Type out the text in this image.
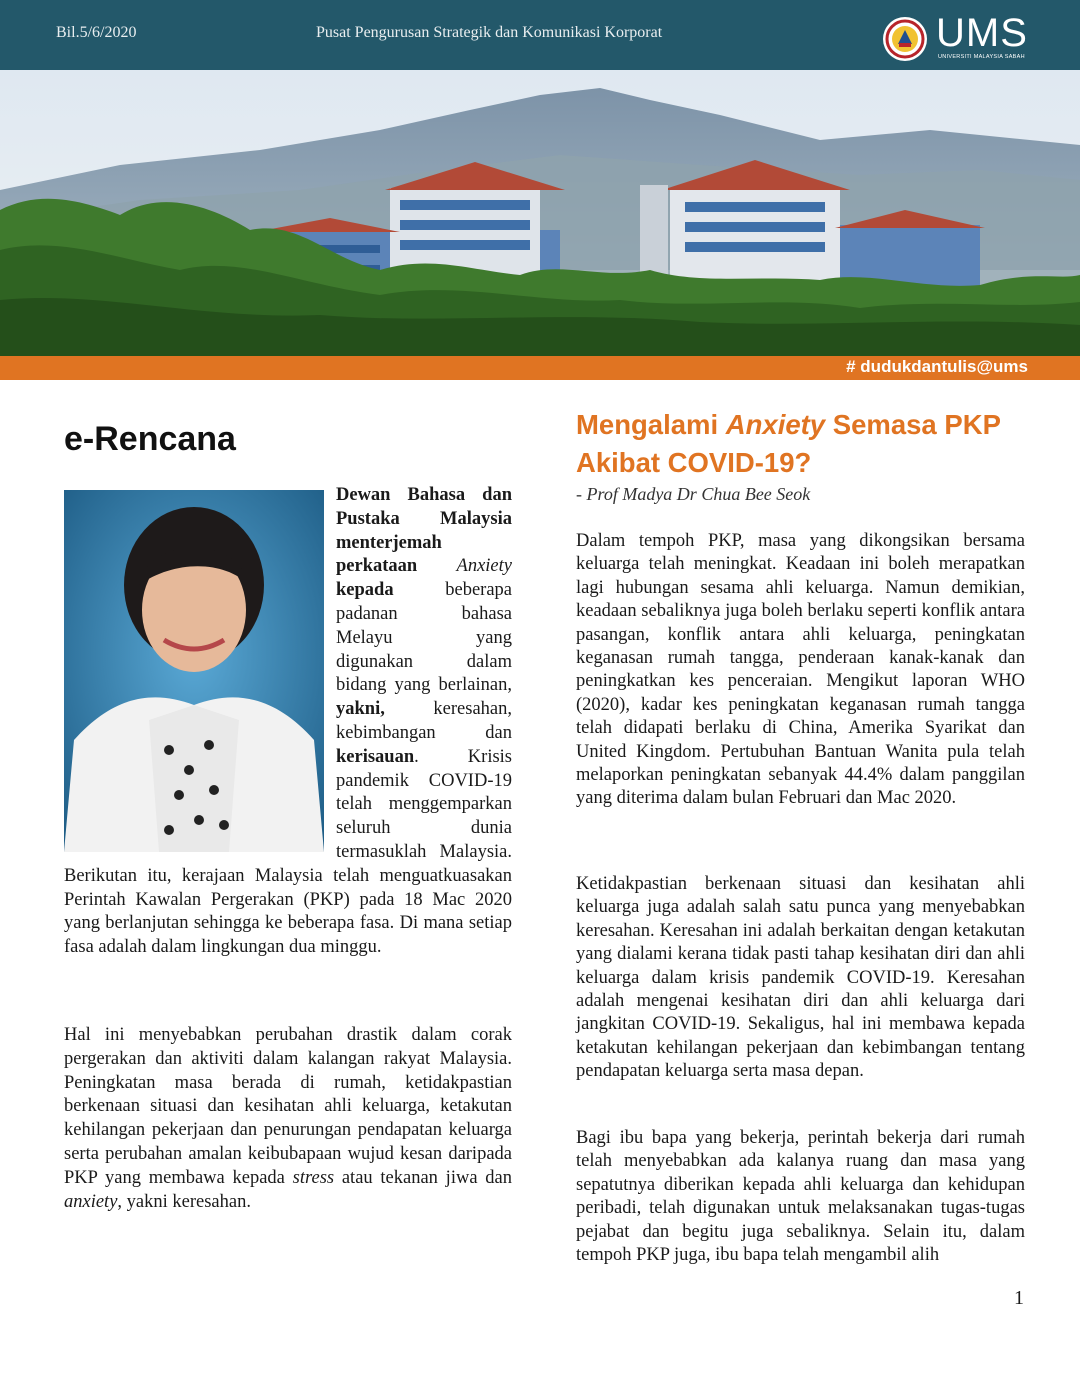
Bil.5/6/2020	Pusat Pengurusan Strategik dan Komunikasi Korporat	UMS
UNIVERSITI MALAYSIA SABAH
# dudukdantulis@ums
e-Rencana

Dewan Bahasa dan Pustaka Malaysia menterjemah perkataan Anxiety kepada	beberapa padanan bahasa Melayu yang digunakan dalam bidang yang berlainan, yakni,	keresahan, kebimbangan dan kerisauan. Krisis pandemik COVID-19 telah menggemparkan seluruh dunia termasuklah Malaysia. Berikutan itu, kerajaan Malaysia telah menguatkuasakan Perintah Kawalan Pergerakan (PKP) pada 18 Mac 2020 yang berlanjutan sehingga ke beberapa fasa. Di mana setiap fasa adalah dalam lingkungan dua minggu.

Hal ini menyebabkan perubahan drastik dalam corak pergerakan dan aktiviti dalam kalangan rakyat Malaysia. Peningkatan masa berada di rumah, ketidakpastian berkenaan situasi dan kesihatan ahli keluarga, ketakutan kehilangan pekerjaan dan penurungan pendapatan keluarga serta perubahan amalan keibubapaan wujud kesan daripada PKP yang membawa kepada stress atau tekanan jiwa dan anxiety, yakni keresahan.

Mengalami Anxiety Semasa PKP Akibat COVID-19?
- Prof Madya Dr Chua Bee Seok

Dalam tempoh PKP, masa yang dikongsikan bersama keluarga telah meningkat. Keadaan ini boleh merapatkan lagi hubungan sesama ahli keluarga. Namun demikian, keadaan sebaliknya juga boleh berlaku seperti konflik antara pasangan, konflik antara ahli keluarga, peningkatan keganasan rumah tangga, penderaan kanak-kanak dan peningkatkan kes penceraian. Mengikut laporan WHO (2020), kadar kes peningkatan keganasan rumah tangga telah didapati berlaku di China, Amerika Syarikat dan United Kingdom. Pertubuhan Bantuan Wanita pula telah melaporkan peningkatan sebanyak 44.4% dalam panggilan yang diterima dalam bulan Februari dan Mac 2020.

Ketidakpastian berkenaan situasi dan kesihatan ahli keluarga juga adalah salah satu punca yang menyebabkan keresahan. Keresahan ini adalah berkaitan dengan ketakutan yang dialami kerana tidak pasti tahap kesihatan diri dan ahli keluarga dalam krisis pandemik COVID-19. Keresahan adalah mengenai kesihatan diri dan ahli keluarga dari jangkitan COVID-19. Sekaligus, hal ini membawa kepada ketakutan kehilangan pekerjaan dan kebimbangan tentang pendapatan keluarga serta masa depan.

Bagi ibu bapa yang bekerja, perintah bekerja dari rumah telah menyebabkan ada kalanya ruang dan masa yang sepatutnya diberikan kepada ahli keluarga dan kehidupan peribadi, telah digunakan untuk melaksanakan tugas-tugas pejabat dan begitu juga sebaliknya. Selain itu, dalam tempoh PKP juga, ibu bapa telah mengambil alih

1
